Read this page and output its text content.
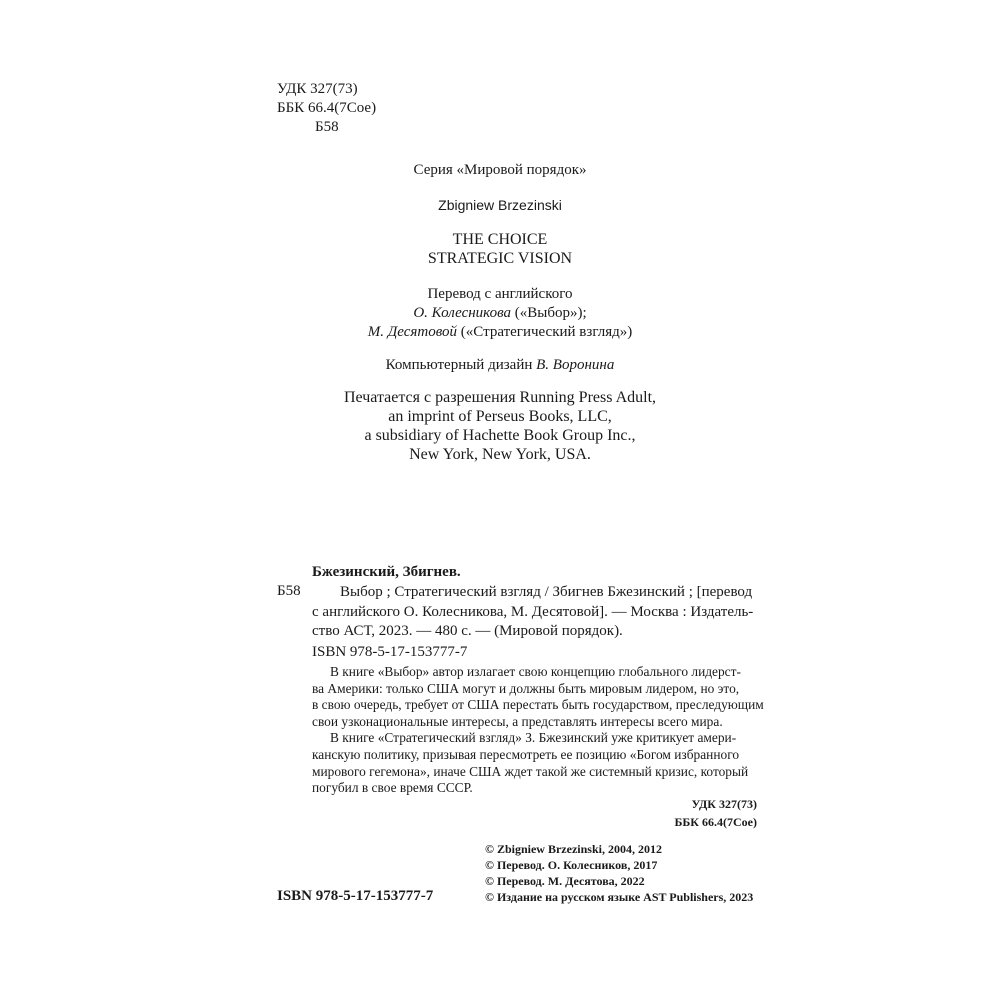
УДК 327(73)
ББК 66.4(7Сое)
Б58
Серия «Мировой порядок»
Zbigniew Brzezinski
THE CHOICE
STRATEGIC VISION
Перевод с английского
О. Колесникова («Выбор»);
М. Десятовой («Стратегический взгляд»)
Компьютерный дизайн В. Воронина
Печатается с разрешения Running Press Adult,
an imprint of Perseus Books, LLC,
a subsidiary of Hachette Book Group Inc.,
New York, New York, USA.
Бжезинский, Збигнев.
Б58	Выбор ; Стратегический взгляд / Збигнев Бжезинский ; [перевод
с английского О. Колесникова, М. Десятовой]. — Москва : Издатель-
ство АСТ, 2023. — 480 с. — (Мировой порядок).
ISBN 978-5-17-153777-7
В книге «Выбор» автор излагает свою концепцию глобального лидерст-
ва Америки: только США могут и должны быть мировым лидером, но это,
в свою очередь, требует от США перестать быть государством, преследующим
свои узконациональные интересы, а представлять интересы всего мира.
В книге «Стратегический взгляд» З. Бжезинский уже критикует амери-
канскую политику, призывая пересмотреть ее позицию «Богом избранного
мирового гегемона», иначе США ждет такой же системный кризис, который
погубил в свое время СССР.
УДК 327(73)
ББК 66.4(7Сое)
© Zbigniew Brzezinski, 2004, 2012
© Перевод. О. Колесников, 2017
© Перевод. М. Десятова, 2022
© Издание на русском языке AST Publishers, 2023
ISBN 978-5-17-153777-7
